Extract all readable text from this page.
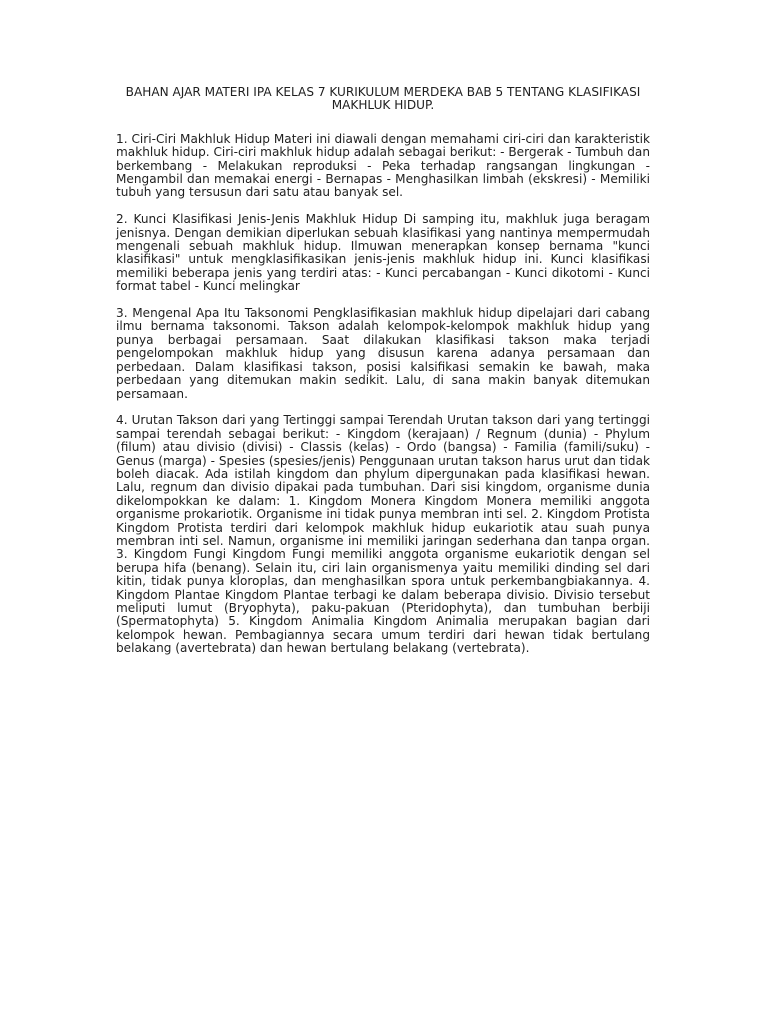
BAHAN AJAR MATERI IPA KELAS 7 KURIKULUM MERDEKA BAB 5 TENTANG KLASIFIKASI MAKHLUK HIDUP.

1. Ciri-Ciri Makhluk Hidup Materi ini diawali dengan memahami ciri-ciri dan karakteristik makhluk hidup. Ciri-ciri makhluk hidup adalah sebagai berikut: - Bergerak - Tumbuh dan berkembang - Melakukan reproduksi - Peka terhadap rangsangan lingkungan - Mengambil dan memakai energi - Bernapas - Menghasilkan limbah (ekskresi) - Memiliki tubuh yang tersusun dari satu atau banyak sel.

2. Kunci Klasifikasi Jenis-Jenis Makhluk Hidup Di samping itu, makhluk juga beragam jenisnya. Dengan demikian diperlukan sebuah klasifikasi yang nantinya mempermudah mengenali sebuah makhluk hidup. Ilmuwan menerapkan konsep bernama "kunci klasifikasi" untuk mengklasifikasikan jenis-jenis makhluk hidup ini. Kunci klasifikasi memiliki beberapa jenis yang terdiri atas: - Kunci percabangan - Kunci dikotomi - Kunci format tabel - Kunci melingkar

3. Mengenal Apa Itu Taksonomi Pengklasifikasian makhluk hidup dipelajari dari cabang ilmu bernama taksonomi. Takson adalah kelompok-kelompok makhluk hidup yang punya berbagai persamaan. Saat dilakukan klasifikasi takson maka terjadi pengelompokan makhluk hidup yang disusun karena adanya persamaan dan perbedaan. Dalam klasifikasi takson, posisi kalsifikasi semakin ke bawah, maka perbedaan yang ditemukan makin sedikit. Lalu, di sana makin banyak ditemukan persamaan.

4. Urutan Takson dari yang Tertinggi sampai Terendah Urutan takson dari yang tertinggi sampai terendah sebagai berikut: - Kingdom (kerajaan) / Regnum (dunia) - Phylum (filum) atau divisio (divisi) - Classis (kelas) - Ordo (bangsa) - Familia (famili/suku) - Genus (marga) - Spesies (spesies/jenis) Penggunaan urutan takson harus urut dan tidak boleh diacak. Ada istilah kingdom dan phylum dipergunakan pada klasifikasi hewan. Lalu, regnum dan divisio dipakai pada tumbuhan. Dari sisi kingdom, organisme dunia dikelompokkan ke dalam: 1. Kingdom Monera Kingdom Monera memiliki anggota organisme prokariotik. Organisme ini tidak punya membran inti sel. 2. Kingdom Protista Kingdom Protista terdiri dari kelompok makhluk hidup eukariotik atau suah punya membran inti sel. Namun, organisme ini memiliki jaringan sederhana dan tanpa organ. 3. Kingdom Fungi Kingdom Fungi memiliki anggota organisme eukariotik dengan sel berupa hifa (benang). Selain itu, ciri lain organismenya yaitu memiliki dinding sel dari kitin, tidak punya kloroplas, dan menghasilkan spora untuk perkembangbiakannya. 4. Kingdom Plantae Kingdom Plantae terbagi ke dalam beberapa divisio. Divisio tersebut meliputi lumut (Bryophyta), paku-pakuan (Pteridophyta), dan tumbuhan berbiji (Spermatophyta) 5. Kingdom Animalia Kingdom Animalia merupakan bagian dari kelompok hewan. Pembagiannya secara umum terdiri dari hewan tidak bertulang belakang (avertebrata) dan hewan bertulang belakang (vertebrata).
